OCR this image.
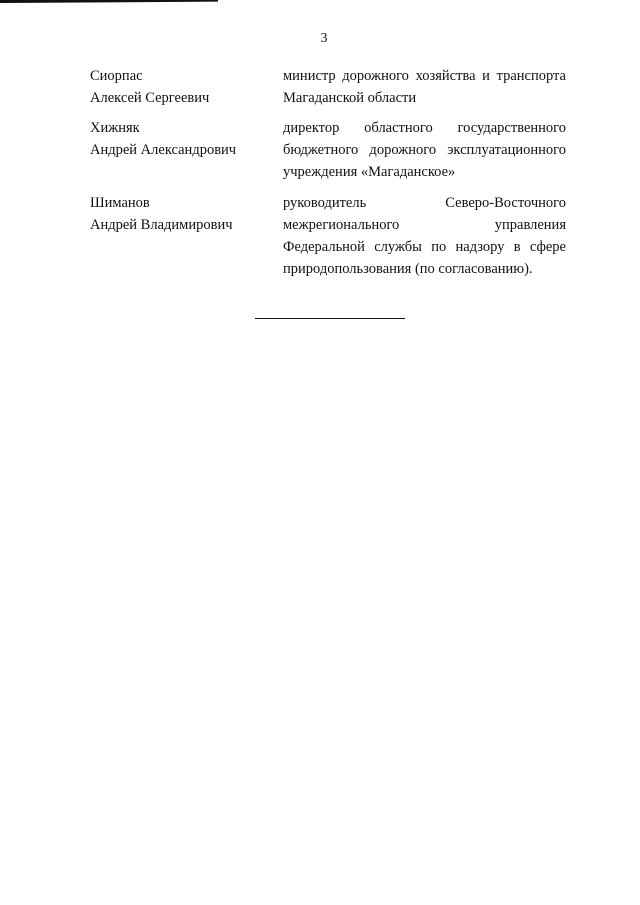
3
Сиорпас
Алексей Сергеевич
министр дорожного хозяйства и транспорта
Магаданской области
Хижняк
Андрей Александрович
директор областного государственного
бюджетного дорожного эксплуатационного
учреждения «Магаданское»
Шиманов
Андрей Владимирович
руководитель Северо-Восточного
межрегионального управления
Федеральной службы по надзору в сфере
природопользования (по согласованию).
